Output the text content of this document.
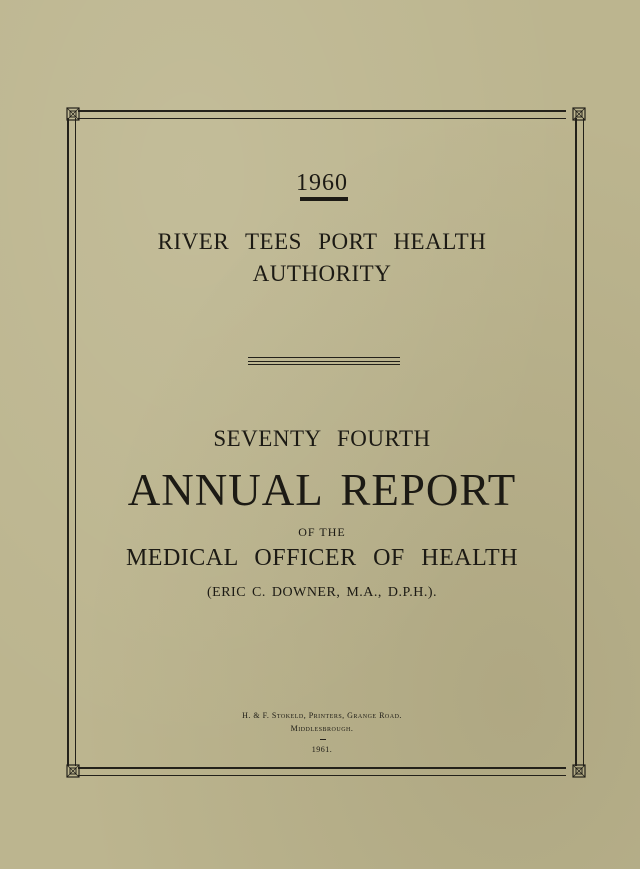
1960
RIVER TEES PORT HEALTH
AUTHORITY
SEVENTY FOURTH
ANNUAL REPORT
OF THE
MEDICAL OFFICER OF HEALTH
(ERIC C. DOWNER, M.A., D.P.H.).
H. & F. Stokeld, Printers, Grange Road.
Middlesbrough.
1961.
